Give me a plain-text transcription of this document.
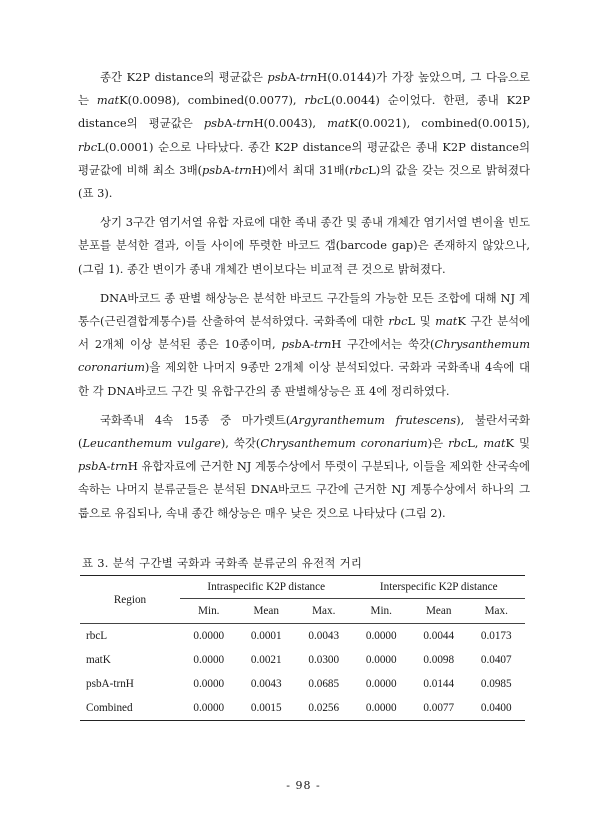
종간 K2P distance의 평균값은 psbA-trnH(0.0144)가 가장 높았으며, 그 다음으로는 matK(0.0098), combined(0.0077), rbcL(0.0044) 순이었다. 한편, 종내 K2P distance의 평균값은 psbA-trnH(0.0043), matK(0.0021), combined(0.0015), rbcL(0.0001) 순으로 나타났다. 종간 K2P distance의 평균값은 종내 K2P distance의 평균값에 비해 최소 3배(psbA-trnH)에서 최대 31배(rbcL)의 값을 갖는 것으로 밝혀졌다 (표 3).

상기 3구간 염기서열 유합 자료에 대한 족내 종간 및 종내 개체간 염기서열 변이율 빈도 분포를 분석한 결과, 이들 사이에 뚜렷한 바코드 갭(barcode gap)은 존재하지 않았으나, (그림 1). 종간 변이가 종내 개체간 변이보다는 비교적 큰 것으로 밝혀졌다.

DNA바코드 종 판별 해상능은 분석한 바코드 구간들의 가능한 모든 조합에 대해 NJ 계통수(근린결합계통수)를 산출하여 분석하였다. 국화족에 대한 rbcL 및 matK 구간 분석에서 2개체 이상 분석된 종은 10종이며, psbA-trnH 구간에서는 쑥갓(Chrysanthemum coronarium)을 제외한 나머지 9종만 2개체 이상 분석되었다. 국화과 국화족내 4속에 대한 각 DNA바코드 구간 및 유합구간의 종 판별해상능은 표 4에 정리하였다.

국화족내 4속 15종 중 마가렛트(Argyranthemum frutescens), 불란서국화(Leucanthemum vulgare), 쑥갓(Chrysanthemum coronarium)은 rbcL, matK 및 psbA-trnH 유합자료에 근거한 NJ 계통수상에서 뚜렷이 구분되나, 이들을 제외한 산국속에 속하는 나머지 분류군들은 분석된 DNA바코드 구간에 근거한 NJ 계통수상에서 하나의 그룹으로 유집되나, 속내 종간 해상능은 매우 낮은 것으로 나타났다 (그림 2).

표 3. 분석 구간별 국화과 국화족 분류군의 유전적 거리
Region	Intraspecific K2P distance			Interspecific K2P distance		
	Min.	Mean	Max.	Min.	Mean	Max.
rbcL	0.0000	0.0001	0.0043	0.0000	0.0044	0.0173
matK	0.0000	0.0021	0.0300	0.0000	0.0098	0.0407
psbA-trnH	0.0000	0.0043	0.0685	0.0000	0.0144	0.0985
Combined	0.0000	0.0015	0.0256	0.0000	0.0077	0.0400
- 98 -
